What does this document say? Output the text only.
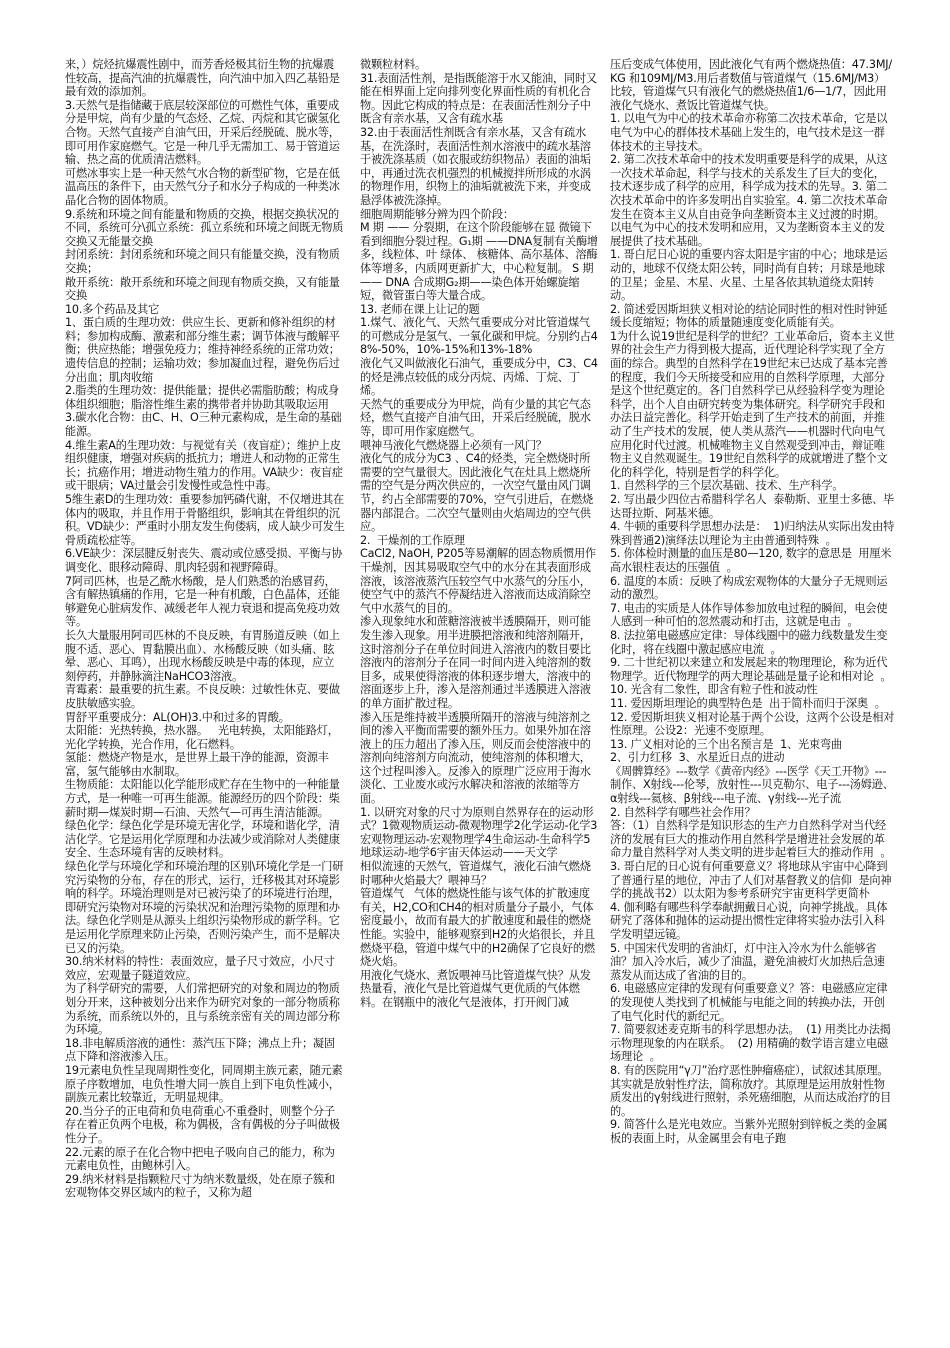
来，）烷烃抗爆震性剧中，而芳香烃极其衍生物的抗爆震性较高，提高汽油的抗爆震性，向汽油中加入四乙基铅是最有效的添加剂。

3.天然气是指储藏于底层较深部位的可燃性气体，重要成分是甲烷，尚有少量的气态烃、乙烷、丙烷和其它碳氢化合物。天然气直接产自油气田，开采后经脱硫、脱水等，即可用作家庭燃气。它是一种几乎无需加工、易于管道运输、热之高的优质清洁燃料。

可燃冰事实上是一种天然气水合物的新型矿物，它是在低温高压的条件下，由天然气分子和水分子构成的一种类冰晶化合物的固体物质。

9.系统和环境之间有能量和物质的交换，根据交换状况的不同，系统可分\孤立系统：孤立系统和环境之间既无物质交换又无能量交换

封闭系统：封闭系统和环境之间只有能量交换，没有物质交换；

敞开系统：敞开系统和环境之间现有物质交换，又有能量交换

10.多个药品及其它

1、蛋白质的生理功效：供应生长、更新和修补组织的材料；参加构成酶、激素和部分维生素；调节体液与酸解平衡；供应热能；增强免疫力；维持神经系统的正常功效；遗传信息的控制；运输功效；参加凝血过程，避免伤后过分出血；肌肉收缩

2.脂类的生理功效：提供能量；提供必需脂肪酸；构成身体组织细胞；脂溶性维生素的携带者并协助其吸取运用

3.碳水化合物：由C、H、O三种元素构成，是生命的基础能源。

4.维生素A的生理功效：与视觉有关（夜盲症）；维护上皮组织健康，增强对疾病的抵抗力；增进人和动物的正常生长；抗癌作用；增进动物生殖力的作用。VA缺少：夜盲症或干眼病；VA过量会引发慢性或急性中毒。

5维生素D的生理功效：重要参加钙磷代谢，不仅增进其在体内的吸取，并且作用于骨骼组织，影响其在骨组织的沉积。VD缺少：严重时小朋友发生佝偻病，成人缺少可发生骨质疏松症等。

6.VE缺少：深层腱反射丧失、震动或位感受损、平衡与协调变化、眼移动障碍、肌肉轻弱和视野障碍。

7阿司匹林，也是乙酰水杨酸，是人们熟悉的治感冒药，含有解热镇痛的作用，它是一种有机酸，白色晶体，还能够避免心脏病发作、减缓老年人视力衰退和提高免疫功效等。

长久大量服用阿司匹林的不良反映，有胃肠道反映（如上腹不适、恶心、胃黏膜出血）、水杨酸反映（如头痛、眩晕、恶心、耳鸣），出现水杨酸反映是中毒的体现，应立刻停药，并静脉滴注NaHCO3溶液。

青霉素：最重要的抗生素。不良反映：过敏性休克、要做皮肤敏感实验。

胃舒平重要成分：AL(OH)3.中和过多的胃酸。

太阳能：光热转换，热水器。   光电转换，太阳能路灯，   光化学转换，光合作用，化石燃料。

氢能：燃烧产物是水，是世界上最干净的能源，资源丰富，氢气能够由水制取。

生物质能：太阳能以化学能形成贮存在生物中的一种能量方式，是一种唯一可再生能源。能源经历的四个阶段：柴薪时期—煤炭时期—石油、天然气—可再生清洁能源。

绿色化学：绿色化学是环境无害化学，环境和谐化学，清洁化学。它是运用化学原理和办法减少或消除对人类健康安全、生态环境有害的反映材料。

绿色化学与环境化学和环境治理的区别\环境化学是一门研究污染物的分布，存在的形式，运行，迁移极其对环境影响的科学。环境治理则是对已被污染了的环境进行治理，即研究污染物对环境的污染状况和治理污染物的原理和办法。绿色化学则是从源头上组织污染物形成的新学科。它是运用化学原理来防止污染，否则污染产生，而不是解决已又的污染。

30.纳米材料的特性：表面效应，量子尺寸效应，小尺寸效应，宏观量子隧道效应。

为了科学研究的需要，人们常把研究的对象和周边的物质划分开来，这种被划分出来作为研究对象的一部分物质称为系统，而系统以外的，且与系统亲密有关的周边部分称为环境。

18.非电解质溶液的通性：蒸汽压下降；沸点上升；凝固点下降和溶液渗入压。

19元素电负性呈现周期性变化，同周期主族元素，随元素原子序数增加，电负性增大同一族自上到下电负性减小，副族元素比较靠近，无明显规律。

20.当分子的正电荷和负电荷重心不重叠时，则整个分子存在着正负两个电极，称为偶极，含有偶极的分子叫做极性分子。

22.元素的原子在化合物中把电子吸向自己的能力，称为元素电负性，由鲍林引入。

29.纳米材料是指颗粒尺寸为纳米数量级，处在原子簇和宏观物体交界区域内的粒子，又称为超

微颗粒材料。

31.表面活性剂，是指既能溶于水又能油，同时又能在相界面上定向排列变化界面性质的有机化合物。因此它构成的特点是：在表面活性剂分子中既含有亲水基，又含有疏水基

32.由于表面活性剂既含有亲水基，又含有疏水基，在洗涤时，表面活性剂水溶液中的疏水基溶于被洗涤基质（如衣服或纺织物品）表面的油垢中，再通过洗衣机强烈的机械搅拌所形成的水涡的物理作用，织物上的油垢就被洗下来，并变成悬浮体被洗涤掉。

细胞周期能够分辨为四个阶段：

M 期 —— 分裂期，在这个阶段能够在显 微镜下看到细胞分裂过程。G₁期 ——DNA复制有关酶增多，线粒体、叶 绿体、 核糖体、高尔基体、溶酶体等增多，内质网更新扩大，中心粒复制。 S 期 —— DNA 合成期G₂期——染色体开始螺旋缩短，微管蛋白等大量合成。

13. 老师在课上让记的题

1.煤气、液化气、天然气重要成分对比管道煤气的可燃成分是氢气、一氧化碳和甲烷。分别约占48%-50%，10%-15%和13%-18%

液化气又叫做液化石油气，重要成分中，C3、C4的烃是沸点较低的成分丙烷、丙烯、丁烷、丁烯。

天然气的重要成分为甲烷，尚有少量的其它气态烃，燃气直接产自油气田，开采后经脱硫，脱水等，即可用作家庭燃气。

喂神马液化气燃烧器上必须有一风门？

液化气的成分为C3 、C4的烃类，完全燃烧时所需要的空气量很大。因此液化气在灶具上燃烧所需的空气是分两次供应的，一次空气量由风门调节，约占全部需要的70%，空气引进后，在燃烧器内部混合。二次空气量则由火焰周边的空气供应。

2.  干燥剂的工作原理

CaCl2, NaOH, P205等易潮解的固态物质惯用作干燥剂，因其易吸取空气中的水分在其表面形成溶液，该溶液蒸汽压较空气中水蒸气的分压小，使空气中的蒸汽不停凝结进入溶液而达成消除空气中水蒸气的目的。

渗入现象纯水和蔗糖溶液被半透膜隔开，则可能发生渗入现象。用半进膜把溶液和纯溶剂隔开，这时溶剂分子在单位时间进入溶液内的数目要比溶液内的溶剂分子在同一时间内进入纯溶剂的数目多，成果使得溶液的体积逐步增大，溶液中的溶面逐步上升，渗入是溶剂通过半透膜进入溶液的单方面扩散过程。

渗入压是维持被半透膜所隔开的溶液与纯溶剂之间的渗入平衡而需要的额外压力。如果外加在溶液上的压力超出了渗入压，则反而会使溶液中的溶剂向纯溶剂方向流动，使纯溶剂的体积增大，这个过程叫渗入。反渗入的原理广泛应用于海水淡化、工业废水或污水解决和溶液的浓缩等方面。

1. 以研究对象的尺寸为原则自然界存在的运动形式？1微观物质运动-微观物理学2化学运动-化学3宏观物理运动-宏观物理学4生命运动-生命科学5地球运动-地学6宇宙天体运动——天文学

相似流速的天然气，管道煤气，液化石油气燃烧时哪种火焰最大？喂神马？

管道煤气   气体的燃烧性能与该气体的扩散速度有关，H2,CO和CH4的相对质量分子最小，气体密度最小，故而有最大的扩散速度和最佳的燃烧性能。实验中，能够观察到H2的火焰很长，并且燃烧平稳，管道中煤气中的H2确保了它良好的燃烧火焰。

用液化气烧水、煮饭喂神马比管道煤气快？从发热量看，液化气是比管道煤气更优质的气体燃料。在钢瓶中的液化气是液体，打开阀门减

压后变成气体使用，因此液化气有两个燃烧热值：47.3MJ/KG 和109MJ/M3.用后者数值与管道煤气（15.6MJ/M3）比较，管道煤气只有液化气的燃烧热值1/6—1/7，因此用液化气烧水、煮饭比管道煤气快。

1. 以电气为中心的技术革命亦称第二次技术革命，它是以电气为中心的群体技术基础上发生的，电气技术是这一群体技术的主导技术。

2. 第二次技术革命中的技术发明重要是科学的成果，从这一次技术革命起，科学与技术的关系发生了巨大的变化，技术逐步成了科学的应用，科学成为技术的先导。3. 第二次技术革命中的许多发明出自实验室。4. 第二次技术革命发生在资本主义从自由竞争向垄断资本主义过渡的时期。以电气为中心的技术发明和应用，又为垄断资本主义的发展提供了技术基础。

1. 哥白尼日心说的重要内容太阳是宇宙的中心；地球是运动的，地球不仅绕太阳公转，同时尚有自转；月球是地球的卫星；金星、木星、火星、土星各依其轨道绕太阳转动。

2. 简述爱因斯坦狭义相对论的结论同时性的相对性时钟延缓长度缩短；物体的质量随速度变化质能有关。

1为什么说19世纪是科学的世纪？工业革命后，资本主义世界的社会生产力得到极大提高，近代理论科学实现了全方面的综合。典型的自然科学在19世纪末已达成了基本完善的程度，我们今天所接受和应用的自然科学原理，大部分是这个世纪奠定的。各门自然科学已从经验科学变为理论科学，出个人自由研究转变为集体研究。科学研究手段和办法日益完善化。科学开始走到了生产技术的前面，并推动了生产技术的发展，使人类从蒸汽——机器时代向电气应用化时代过渡。机械唯物主义自然观受到冲击，辩证唯物主义自然观诞生。19世纪自然科学的成就增进了整个文化的科学化，特别是哲学的科学化。

1. 自然科学的三个层次基础、技术、生产科学。

2. 写出最少四位古希腊科学名人  泰勒斯、亚里士多德、毕达哥拉斯、阿基米德。

4. 牛顿的重要科学思想办法是：  1)归纳法从实际出发由特殊到普通2)演绎法以理论为主由普通到特殊  。

5. 你体检时测量的血压是80—120, 数字的意思是  用厘米高水银柱表达的压强值  。

6. 温度的本质：反映了构成宏观物体的大量分子无规则运动的激烈。

7. 电击的实质是人体作导体参加放电过程的瞬间，电会使人感到一种可怕的忽然震动和打击，这就是电击  。

8. 法拉第电磁感应定律：导体线圈中的磁力线数量发生变化时，将在线圈中激起感应电流  。

9. 二十世纪初以来建立和发展起来的物理理论，称为近代物理学。近代物理学的两大理论基础是量子论和相对论  。

10. 光含有二象性，即含有粒子性和波动性

11. 爱因斯坦理论的典型特色是  出于简朴而归于深奥  。

12. 爱因斯坦狭义相对论基于两个公设，这两个公设是相对性原理。公设2：光速不变原理。

13. 广义相对论的三个出名预言是  1、光束弯曲

2、引力红移  3、水星近日点的进动

《周髀算经》---数学《黄帝内经》---医学《天工开物》---制作、X射线---伦琴，放射性---贝克勒尔、电子---汤姆逊、α射线---氦核、β射线---电子流、γ射线---光子流

2. 自然科学有哪些社会作用？

答：（1）自然科学是知识形态的生产力自然科学对当代经济的发展有巨大的推动作用自然科学是增进社会发展的革命力量自然科学对人类文明的进步起着巨大的推动作用  。

3. 哥白尼的日心说有何重要意义？将地球从宇宙中心降到了普通行星的地位，冲击了人们对基督教义的信仰  是向神学的挑战书2）以太阳为参考系研究宇宙更科学更简朴

4. 伽利略有哪些科学奉献拥戴日心说，向神学挑战。具体研究了落体和抛体的运动提出惯性定律将实验办法引入科学发明望远镜。

5. 中国宋代发明的省油灯，灯中注入冷水为什么能够省油？加入冷水后，减少了油温，避免油被灯火加热后急速蒸发从而达成了省油的目的。

6. 电磁感应定律的发现有何重要意义？答：电磁感应定律的发现使人类找到了机械能与电能之间的转换办法，开创了电气化时代的新纪元。

7. 简要叙述麦克斯韦的科学思想办法。  (1) 用类比办法揭示物理现象的内在联系。  (2) 用精确的数学语言建立电磁场理论  。

8. 有的医院用“γ刀”治疗恶性肿瘤癌症），试叙述其原理。其实就是放射性疗法，简称放疗。其原理是运用放射性物质发出的γ射线进行照射，杀死癌细胞，从而达成治疗的目的。

9. 简答什么是光电效应。当紫外光照射到锌板之类的金属板的表面上时，从金属里会有电子跑
